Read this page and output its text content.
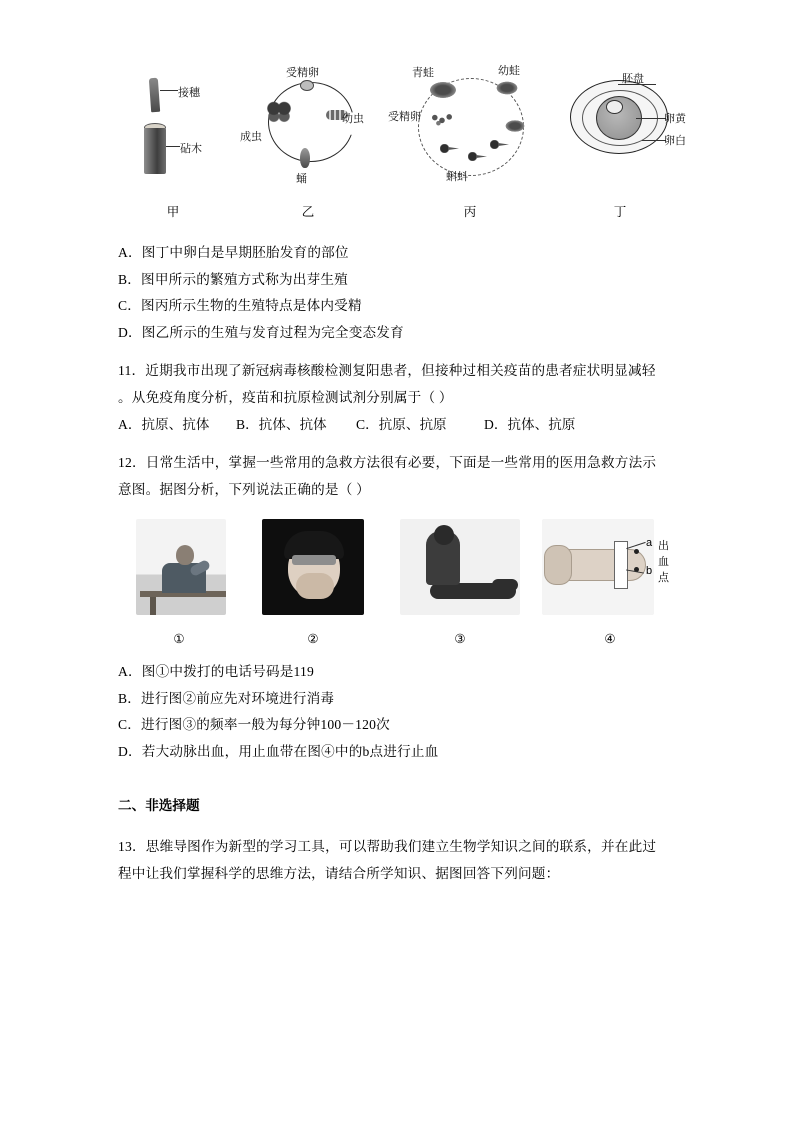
接穗
砧木
甲
受精卵
幼虫
蛹
成虫
乙
青蛙	幼蛙
受精卵
蝌蚪
丙
胚盘
卵黄
卵白
丁

A．图丁中卵白是早期胚胎发育的部位

B．图甲所示的繁殖方式称为出芽生殖

C．图丙所示生物的生殖特点是体内受精

D．图乙所示的生殖与发育过程为完全变态发育

11．近期我市出现了新冠病毒核酸检测复阳患者，但接种过相关疫苗的患者症状明显减轻

。从免疫角度分析，疫苗和抗原检测试剂分别属于（ ）

A．抗原、抗体	B．抗体、抗体	C．抗原、抗原	D．抗体、抗原

12．日常生活中，掌握一些常用的急救方法很有必要，下面是一些常用的医用急救方法示

意图。据图分析，下列说法正确的是（ ）

①	②	③
a
b
出血点
④

A．图①中拨打的电话号码是119

B．进行图②前应先对环境进行消毒

C．进行图③的频率一般为每分钟100－120次

D．若大动脉出血，用止血带在图④中的b点进行止血

二、非选择题

13．思维导图作为新型的学习工具，可以帮助我们建立生物学知识之间的联系，并在此过

程中让我们掌握科学的思维方法，请结合所学知识、据图回答下列问题：
